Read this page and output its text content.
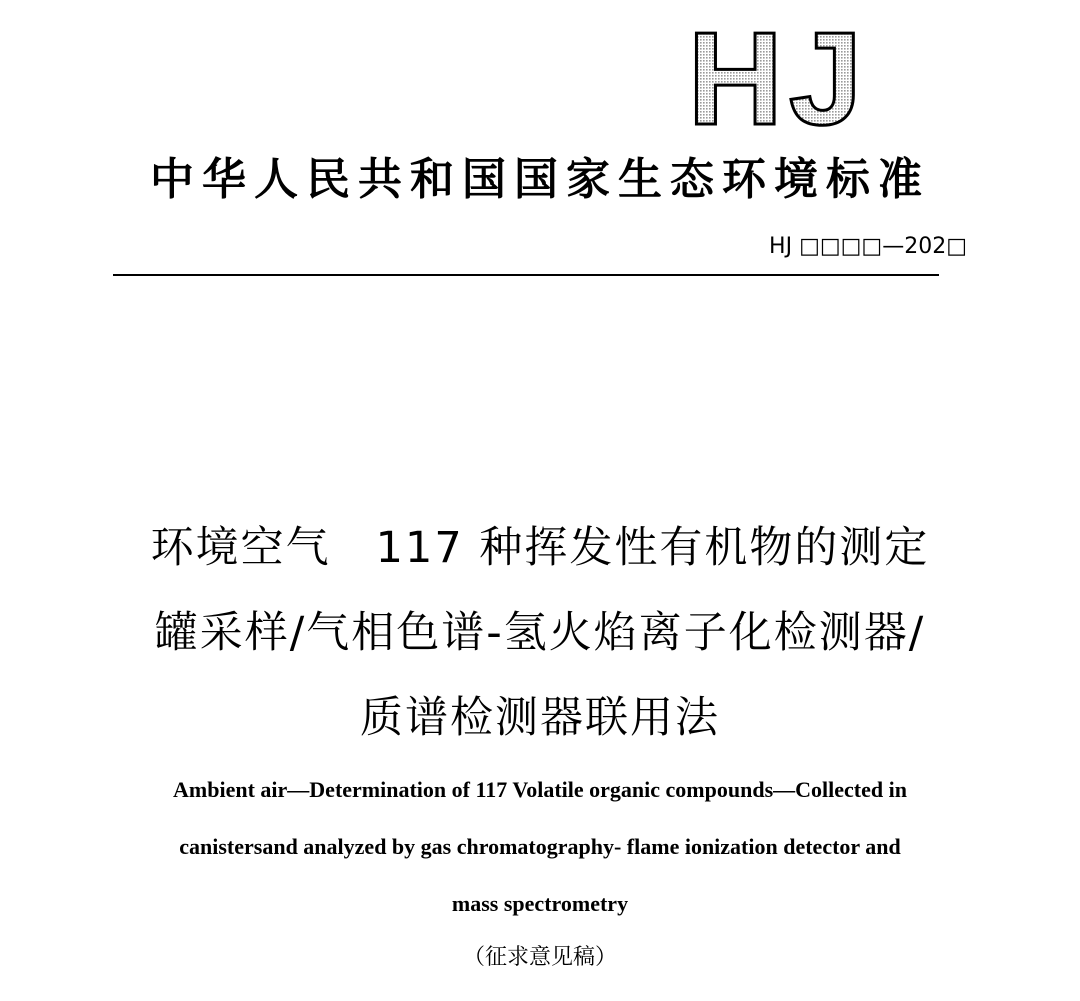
HJ
中华人民共和国国家生态环境标准
HJ □□□□—202□
环境空气　117 种挥发性有机物的测定
罐采样/气相色谱-氢火焰离子化检测器/
质谱检测器联用法
Ambient air—Determination of 117 Volatile organic compounds—Collected in
canistersand analyzed by gas chromatography- flame ionization detector and
mass spectrometry
（征求意见稿）
